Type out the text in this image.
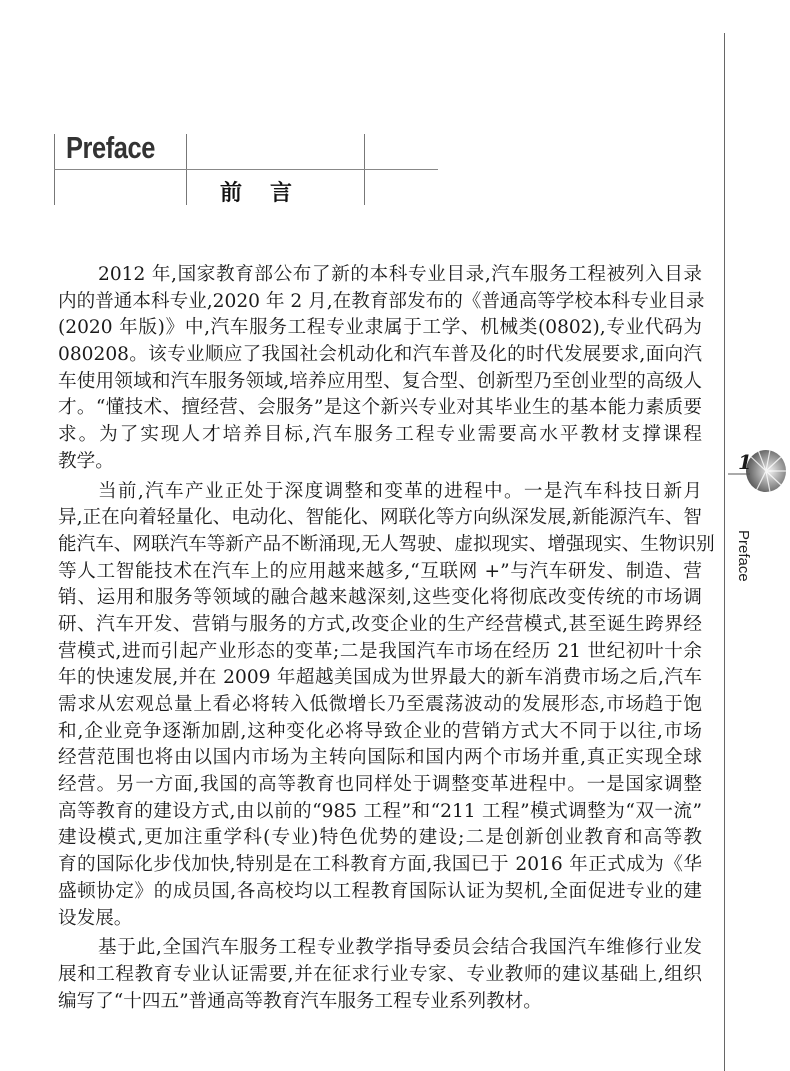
Preface
前言
1
Preface
2012 年,国家教育部公布了新的本科专业目录,汽车服务工程被列入目录
内的普通本科专业,2020 年 2 月,在教育部发布的《普通高等学校本科专业目录
(2020 年版)》中,汽车服务工程专业隶属于工学、机械类(0802),专业代码为
080208。该专业顺应了我国社会机动化和汽车普及化的时代发展要求,面向汽
车使用领域和汽车服务领域,培养应用型、复合型、创新型乃至创业型的高级人
才。“懂技术、擅经营、会服务”是这个新兴专业对其毕业生的基本能力素质要
求。为了实现人才培养目标,汽车服务工程专业需要高水平教材支撑课程
教学。
当前,汽车产业正处于深度调整和变革的进程中。一是汽车科技日新月
异,正在向着轻量化、电动化、智能化、网联化等方向纵深发展,新能源汽车、智
能汽车、网联汽车等新产品不断涌现,无人驾驶、虚拟现实、增强现实、生物识别
等人工智能技术在汽车上的应用越来越多,“互联网 +”与汽车研发、制造、营
销、运用和服务等领域的融合越来越深刻,这些变化将彻底改变传统的市场调
研、汽车开发、营销与服务的方式,改变企业的生产经营模式,甚至诞生跨界经
营模式,进而引起产业形态的变革;二是我国汽车市场在经历 21 世纪初叶十余
年的快速发展,并在 2009 年超越美国成为世界最大的新车消费市场之后,汽车
需求从宏观总量上看必将转入低微增长乃至震荡波动的发展形态,市场趋于饱
和,企业竞争逐渐加剧,这种变化必将导致企业的营销方式大不同于以往,市场
经营范围也将由以国内市场为主转向国际和国内两个市场并重,真正实现全球
经营。另一方面,我国的高等教育也同样处于调整变革进程中。一是国家调整
高等教育的建设方式,由以前的“985 工程”和“211 工程”模式调整为“双一流”
建设模式,更加注重学科(专业)特色优势的建设;二是创新创业教育和高等教
育的国际化步伐加快,特别是在工科教育方面,我国已于 2016 年正式成为《华
盛顿协定》的成员国,各高校均以工程教育国际认证为契机,全面促进专业的建
设发展。
基于此,全国汽车服务工程专业教学指导委员会结合我国汽车维修行业发
展和工程教育专业认证需要,并在征求行业专家、专业教师的建议基础上,组织
编写了“十四五”普通高等教育汽车服务工程专业系列教材。
